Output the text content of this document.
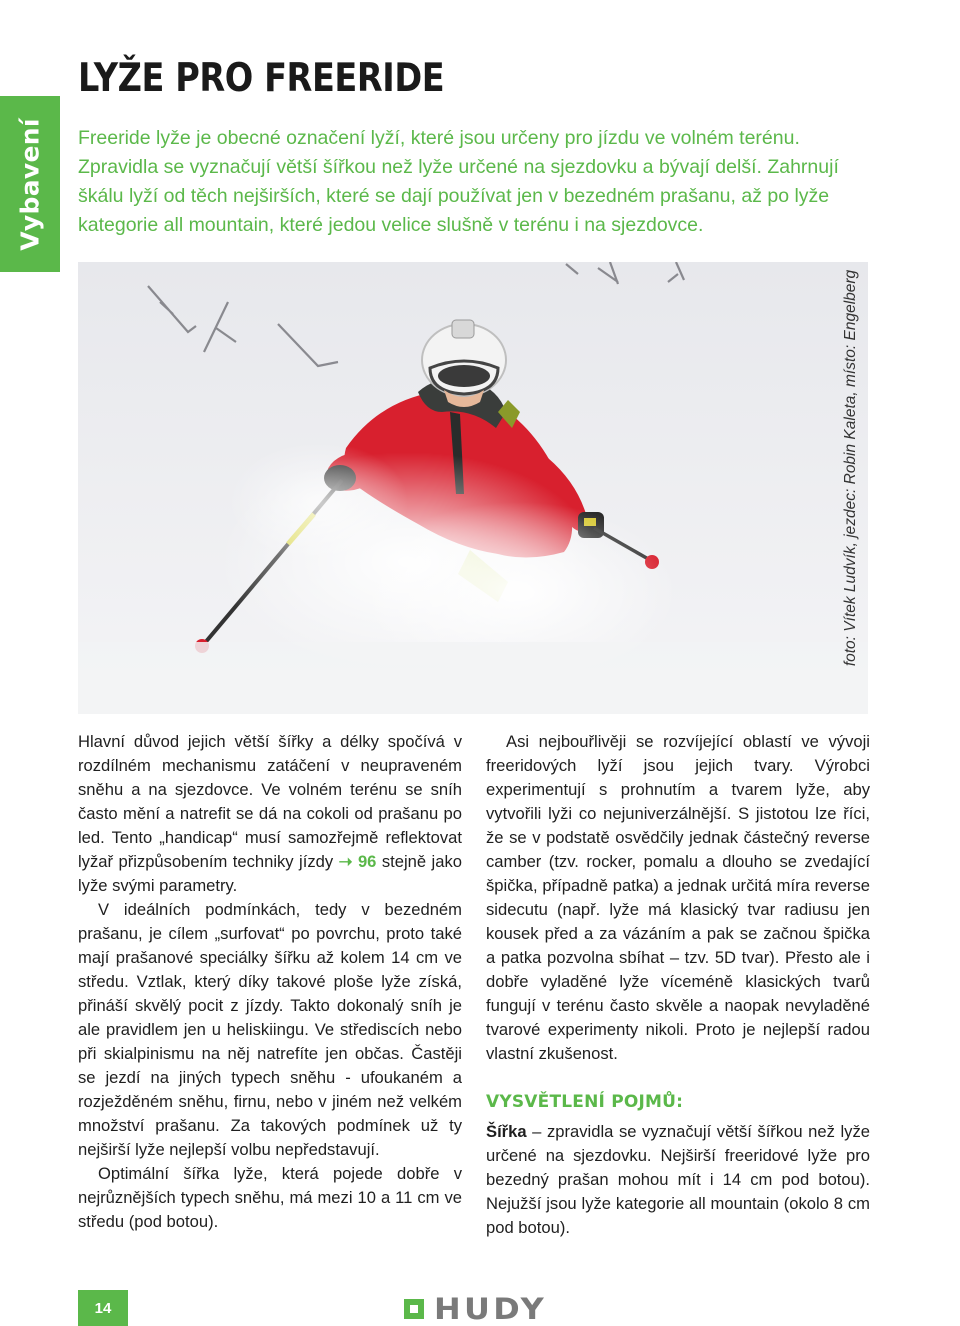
Vybavení
LYŽE PRO FREERIDE

Freeride lyže je obecné označení lyží, které jsou určeny pro jízdu ve volném terénu. Zpravidla se vyznačují větší šířkou než lyže určené na sjezdovku a bývají delší. Zahrnují škálu lyží od těch nejširších, které se dají používat jen v bezedném prašanu, až po lyže kategorie all mountain, které jedou velice slušně v terénu i na sjezdovce.

foto: Vítek Ludvík, jezdec: Robin Kaleta, místo: Engelberg

Hlavní důvod jejich větší šířky a délky spočívá v rozdílném mechanismu zatáčení v neupraveném sněhu a na sjezdovce. Ve volném terénu se sníh často mění a natrefit se dá na cokoli od prašanu po led. Tento „handicap“ musí samozřejmě reflektovat lyžař přizpůsobením techniky jízdy ➝ 96 stejně jako lyže svými parametry.

V ideálních podmínkách, tedy v bezedném prašanu, je cílem „surfovat“ po povrchu, proto také mají prašanové speciálky šířku až kolem 14 cm ve středu. Vztlak, který díky takové ploše lyže získá, přináší skvělý pocit z jízdy. Takto dokonalý sníh je ale pravidlem jen u heliskiingu. Ve střediscích nebo při skialpinismu na něj natrefíte jen občas. Častěji se jezdí na jiných typech sněhu - ufoukaném a rozježděném sněhu, firnu, nebo v jiném než velkém množství prašanu. Za takových podmínek už ty nejširší lyže nejlepší volbu nepředstavují.

Optimální šířka lyže, která pojede dobře v nejrůznějších typech sněhu, má mezi 10 a 11 cm ve středu (pod botou).

Asi nejbouřlivěji se rozvíjející oblastí ve vývoji freeridových lyží jsou jejich tvary. Výrobci experimentují s prohnutím a tvarem lyže, aby vytvořili lyži co nejuniverzálnější. S jistotou lze říci, že se v podstatě osvědčily jednak částečný reverse camber (tzv. rocker, pomalu a dlouho se zvedající špička, případně patka) a jednak určitá míra reverse sidecutu (např. lyže má klasický tvar radiusu jen kousek před a za vázáním a pak se začnou špička a patka pozvolna sbíhat – tzv. 5D tvar). Přesto ale i dobře vyladěné lyže víceméně klasických tvarů fungují v terénu často skvěle a naopak nevyladěné tvarové experimenty nikoli. Proto je nejlepší radou vlastní zkušenost.

VYSVĚTLENÍ POJMŮ:

Šířka – zpravidla se vyznačují větší šířkou než lyže určené na sjezdovku. Nejširší freeridové lyže pro bezedný prašan mohou mít i 14 cm pod botou). Nejužší jsou lyže kategorie all mountain (okolo 8 cm pod botou).

14	HUDY
